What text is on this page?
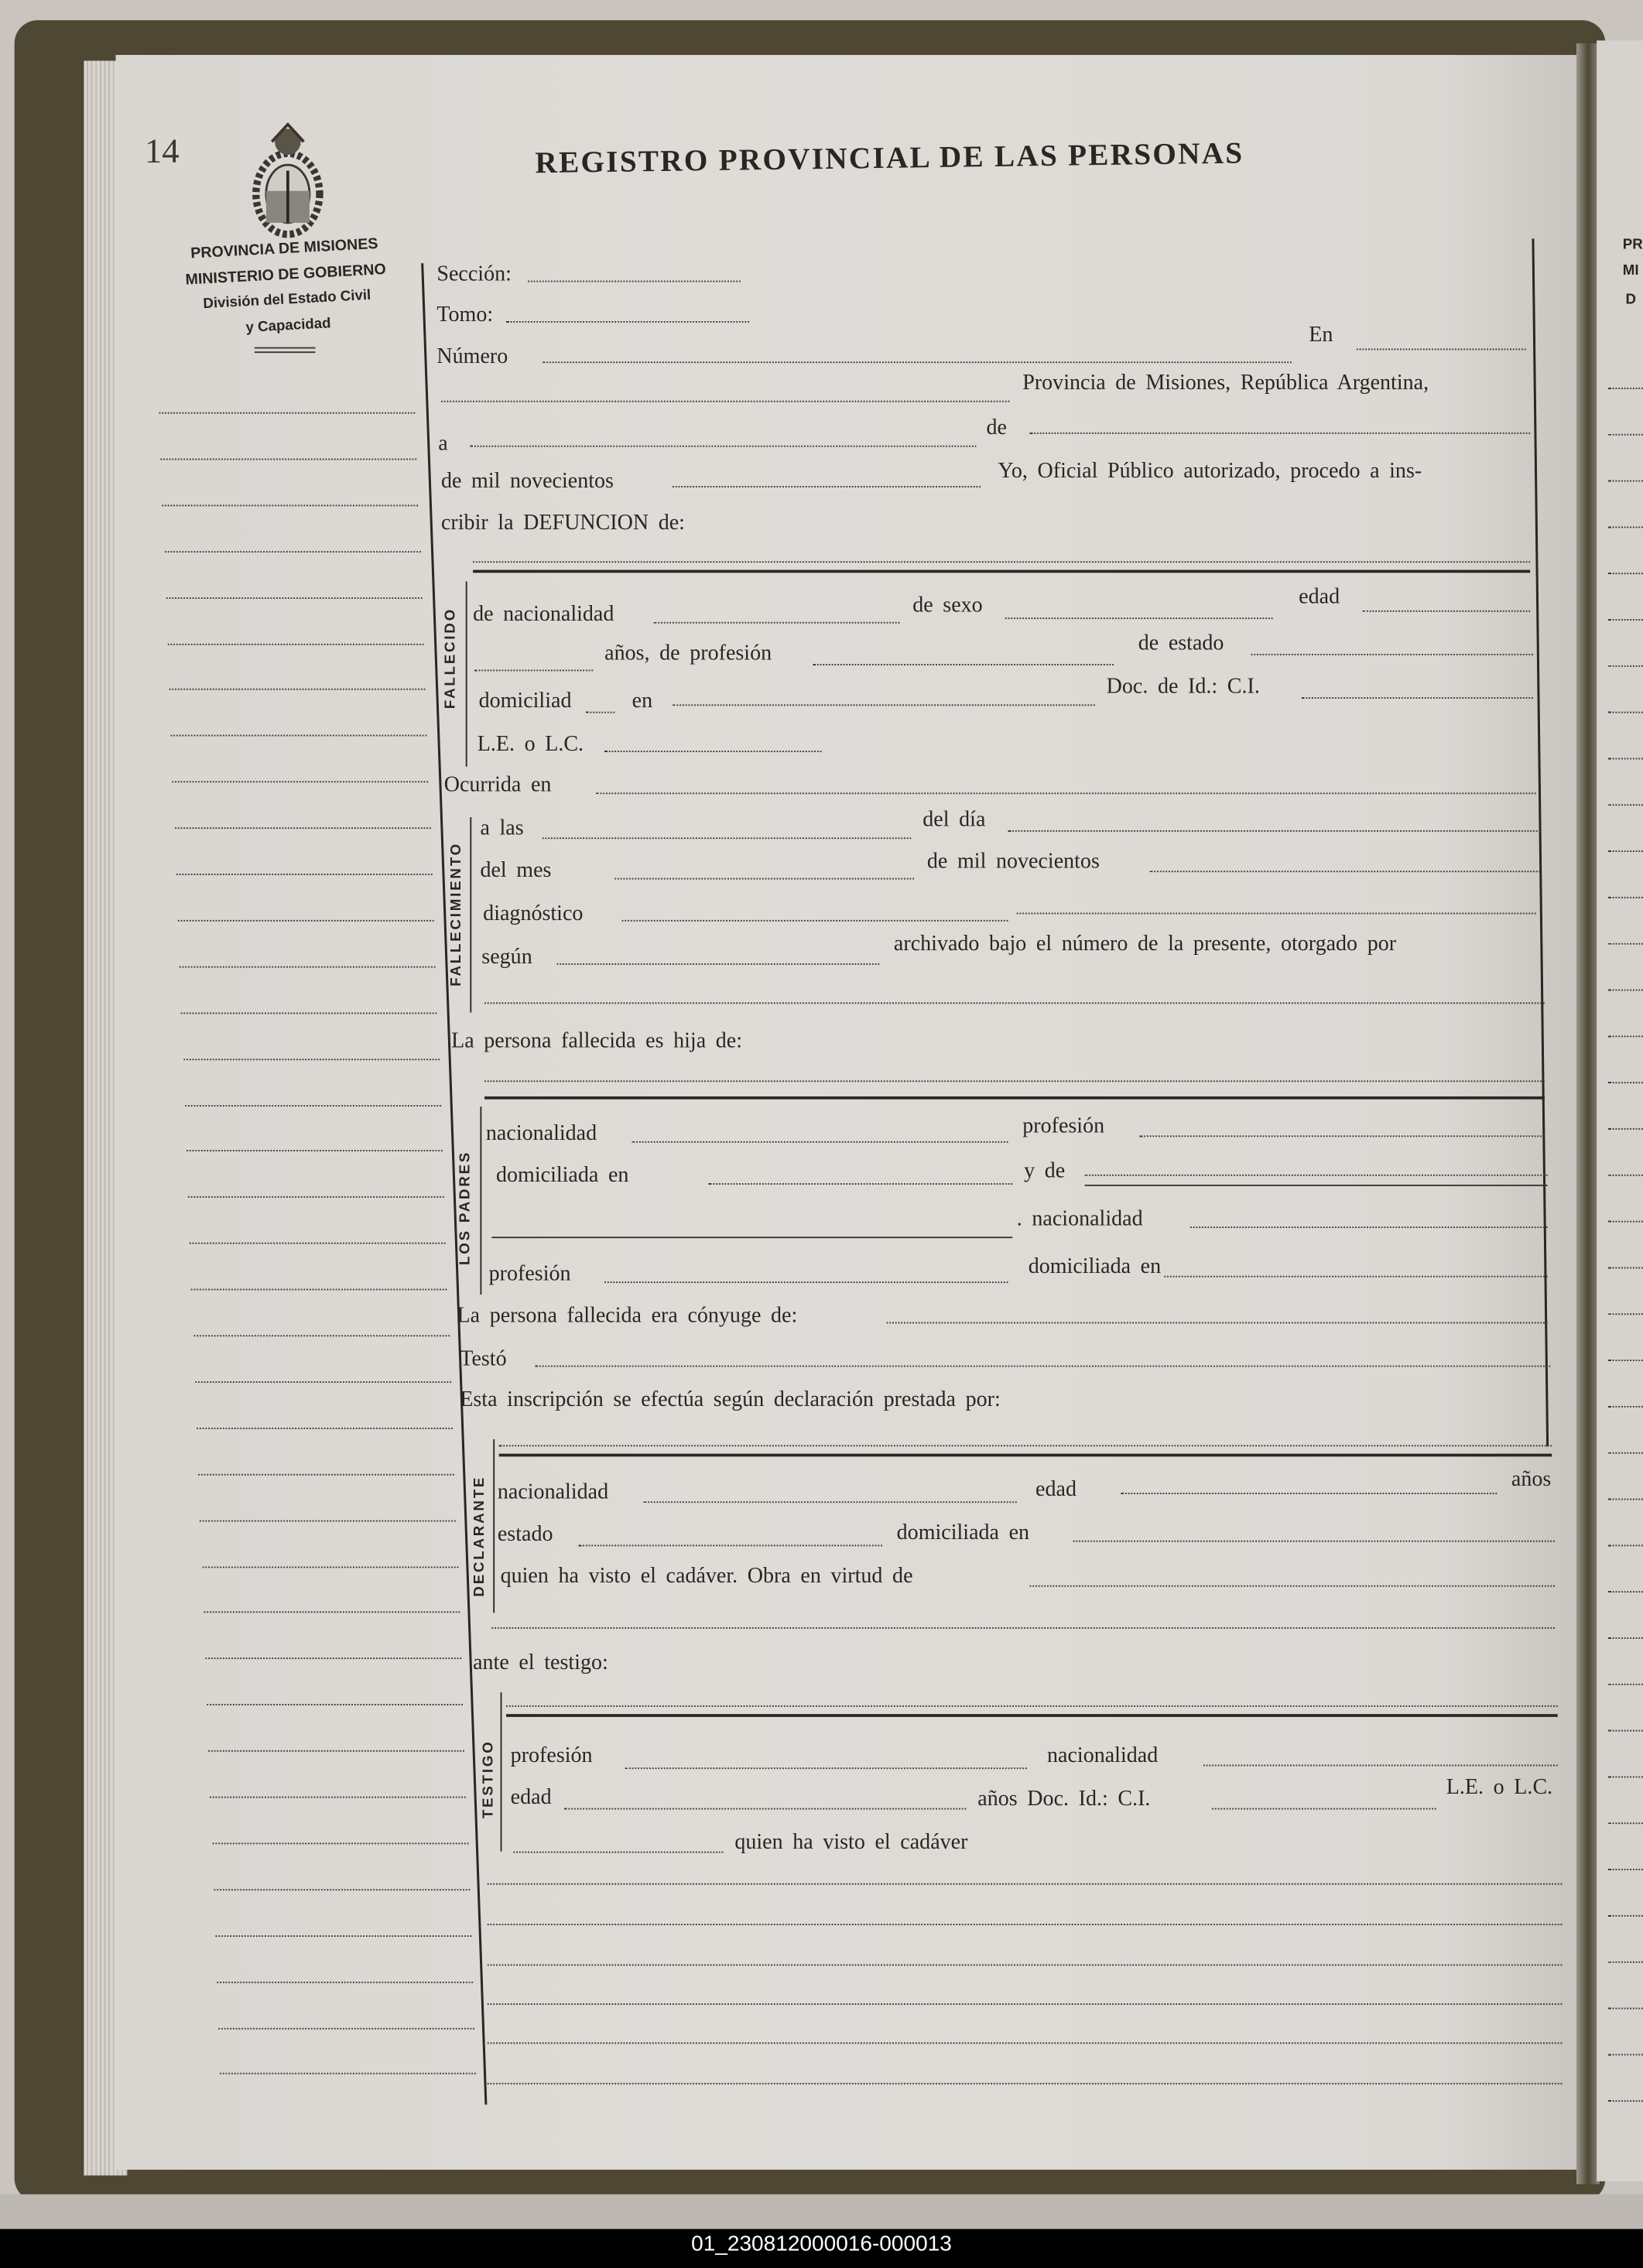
PR
MI
D
14
PROVINCIA DE MISIONES
MINISTERIO DE GOBIERNO
División del Estado Civil
y Capacidad
REGISTRO PROVINCIAL DE LAS PERSONAS
FALLECIDO
FALLECIMIENTO
LOS PADRES
DECLARANTE
TESTIGO
Sección:
Tomo:
Número
En
Provincia de Misiones, República Argentina,
a
de
de mil novecientos	Yo, Oficial Público autorizado, procedo a ins-
cribir la DEFUNCION de:
de nacionalidad	de sexo	edad
años, de profesión	de estado
domiciliad	en
Doc. de Id.: C.I.
L.E. o L.C.
Ocurrida en
a las	del día
del mes	de mil novecientos
diagnóstico
según
archivado bajo el número de la presente, otorgado por
La persona fallecida es hija de:
nacionalidad	profesión
domiciliada en	y de
. nacionalidad
profesión	domiciliada en
La persona fallecida era cónyuge de:
Testó
Esta inscripción se efectúa según declaración prestada por:
nacionalidad	edad	años
estado	domiciliada en
quien ha visto el cadáver. Obra en virtud de
ante el testigo:
profesión	nacionalidad
edad	años Doc. Id.: C.I.	L.E. o L.C.
quien ha visto el cadáver
01_230812000016-000013
